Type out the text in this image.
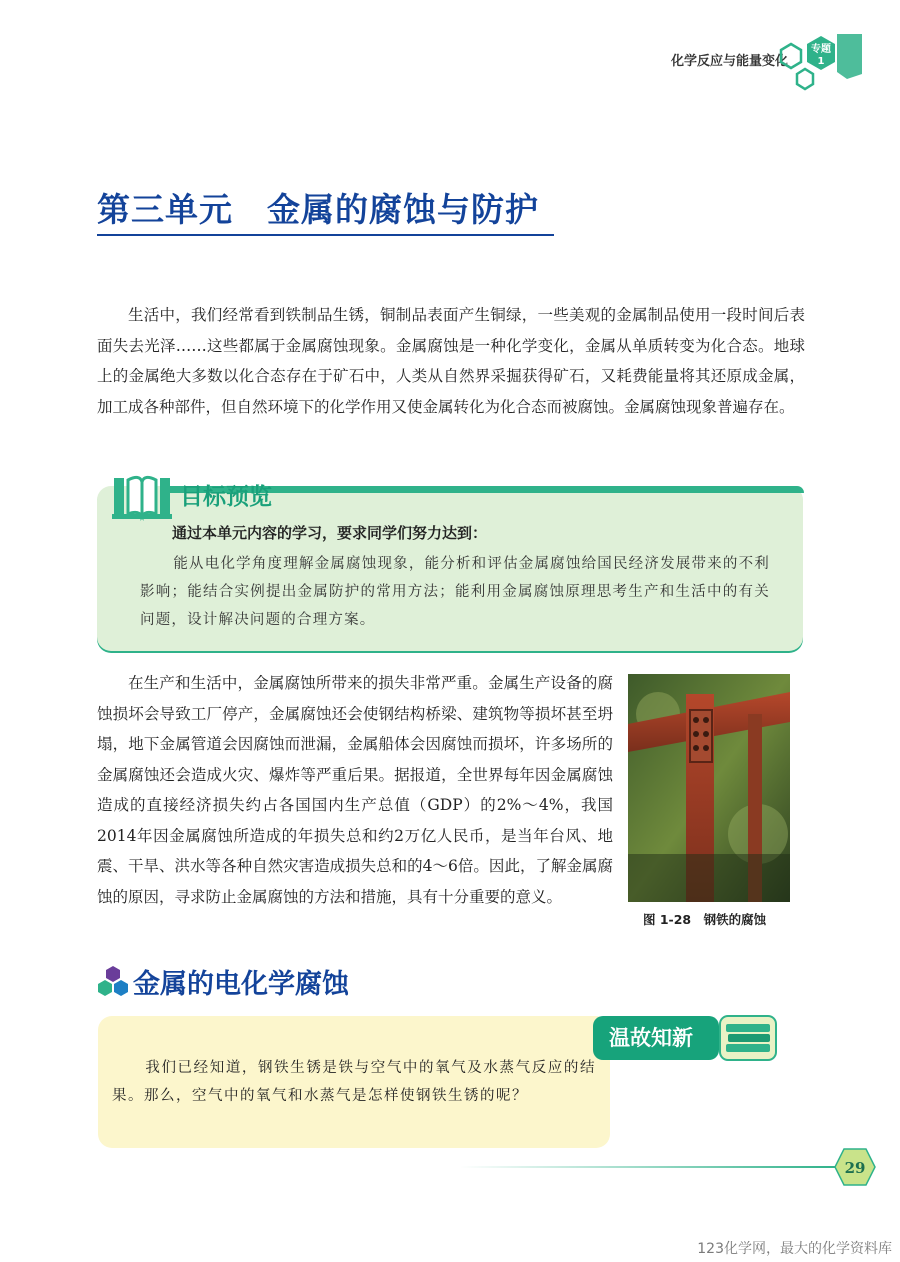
化学反应与能量变化
专题
1
第三单元　金属的腐蚀与防护
生活中，我们经常看到铁制品生锈，铜制品表面产生铜绿，一些美观的金属制品使用一段时间后表面失去光泽……这些都属于金属腐蚀现象。金属腐蚀是一种化学变化，金属从单质转变为化合态。地球上的金属绝大多数以化合态存在于矿石中，人类从自然界采掘获得矿石，又耗费能量将其还原成金属，加工成各种部件，但自然环境下的化学作用又使金属转化为化合态而被腐蚀。金属腐蚀现象普遍存在。
目标预览
通过本单元内容的学习，要求同学们努力达到：
能从电化学角度理解金属腐蚀现象，能分析和评估金属腐蚀给国民经济发展带来的不利影响；能结合实例提出金属防护的常用方法；能利用金属腐蚀原理思考生产和生活中的有关问题，设计解决问题的合理方案。
在生产和生活中，金属腐蚀所带来的损失非常严重。金属生产设备的腐蚀损坏会导致工厂停产，金属腐蚀还会使钢结构桥梁、建筑物等损坏甚至坍塌，地下金属管道会因腐蚀而泄漏，金属船体会因腐蚀而损坏，许多场所的金属腐蚀还会造成火灾、爆炸等严重后果。据报道，全世界每年因金属腐蚀造成的直接经济损失约占各国国内生产总值（GDP）的2%～4%，我国2014年因金属腐蚀所造成的年损失总和约2万亿人民币，是当年台风、地震、干旱、洪水等各种自然灾害造成损失总和的4～6倍。因此，了解金属腐蚀的原因，寻求防止金属腐蚀的方法和措施，具有十分重要的意义。
图 1-28　钢铁的腐蚀
金属的电化学腐蚀
温故知新
我们已经知道，钢铁生锈是铁与空气中的氧气及水蒸气反应的结果。那么，空气中的氧气和水蒸气是怎样使钢铁生锈的呢？
29
123化学网，最大的化学资料库
